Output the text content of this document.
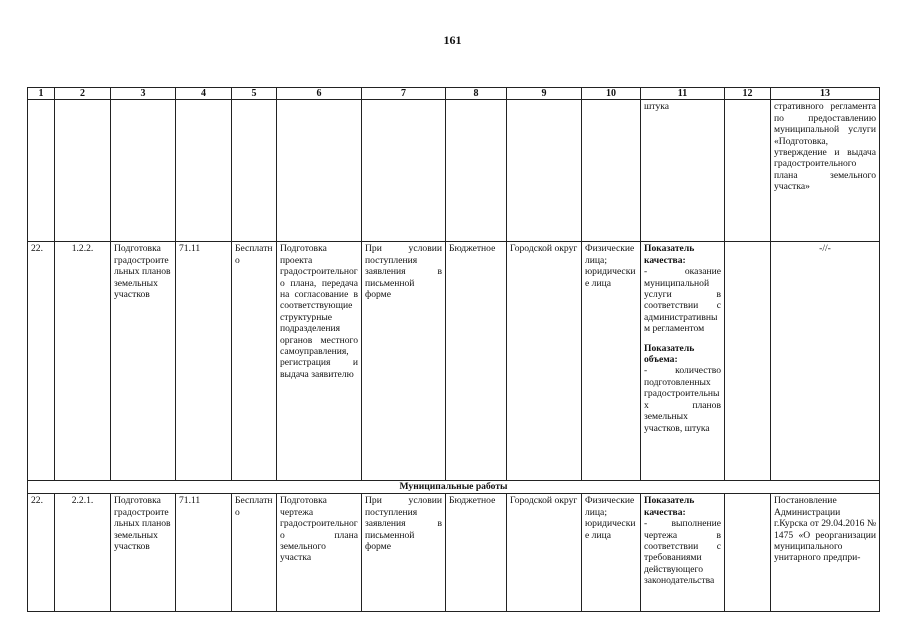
161
1	2	3	4	5	6	7	8	9	10	11	12	13
										штука		стративного регламента по предоставлению муниципальной услуги «Подготовка, утверждение и выдача градостроительного плана земельного участка»
22.	1.2.2.	Подготовка градостроительных планов земельных участков	71.11	Бесплатно	Подготовка проекта градостроительного плана, передача на согласование в соответствующие структурные подразделения органов местного самоуправления, регистрация и выдача заявителю	При условии поступления заявления в письменной форме	Бюджетное	Городской округ	Физические лица; юридические лица	Показатель качества:
- оказание муниципальной услуги в соответствии с административным регламентом
Показатель объема:
- количество подготовленных градостроительных планов земельных участков, штука		-//-
Муниципальные работы												
22.	2.2.1.	Подготовка градостроительных планов земельных участков	71.11	Бесплатно	Подготовка чертежа градостроительного плана земельного участка	При условии поступления заявления в письменной форме	Бюджетное	Городской округ	Физические лица; юридические лица	Показатель качества:
- выполнение чертежа в соответствии с требованиями действующего законодательства		Постановление Администрации г.Курска от 29.04.2016 № 1475 «О реорганизации муниципального унитарного предпри-
